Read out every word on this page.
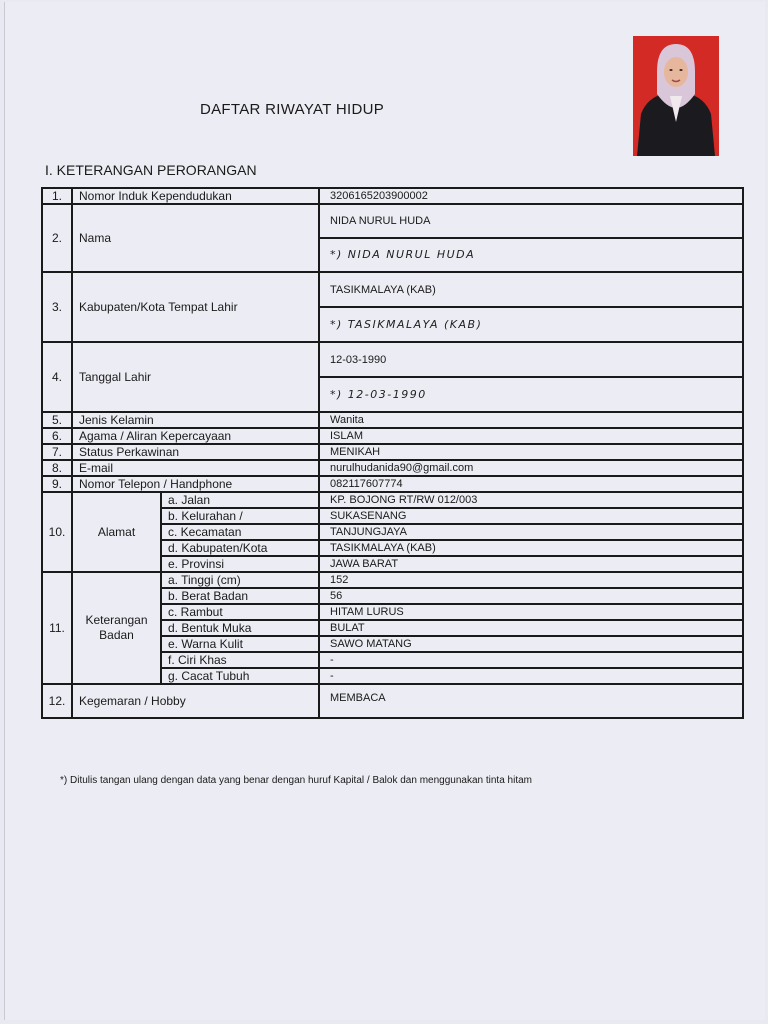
DAFTAR RIWAYAT HIDUP
I. KETERANGAN PERORANGAN
1.	Nomor Induk Kependudukan		3206165203900002
2.	Nama		NIDA NURUL HUDA
			*) NIDA NURUL HUDA
3.	Kabupaten/Kota Tempat Lahir		TASIKMALAYA (KAB)
			*) TASIKMALAYA (KAB)
4.	Tanggal Lahir		12-03-1990
			*) 12-03-1990
5.	Jenis Kelamin		Wanita
6.	Agama / Aliran Kepercayaan		ISLAM
7.	Status Perkawinan		MENIKAH
8.	E-mail		nurulhudanida90@gmail.com
9.	Nomor Telepon / Handphone		082117607774
10.	Alamat	a. Jalan	KP. BOJONG RT/RW 012/003
		b. Kelurahan /	SUKASENANG
		c. Kecamatan	TANJUNGJAYA
		d. Kabupaten/Kota	TASIKMALAYA (KAB)
		e. Provinsi	JAWA BARAT
11.	Keterangan Badan	a. Tinggi (cm)	152
		b. Berat Badan	56
		c. Rambut	HITAM LURUS
		d. Bentuk Muka	BULAT
		e. Warna Kulit	SAWO MATANG
		f. Ciri Khas	-
		g. Cacat Tubuh	-
12.	Kegemaran / Hobby		MEMBACA
*) Ditulis tangan ulang dengan data yang benar dengan huruf Kapital / Balok dan menggunakan tinta hitam
